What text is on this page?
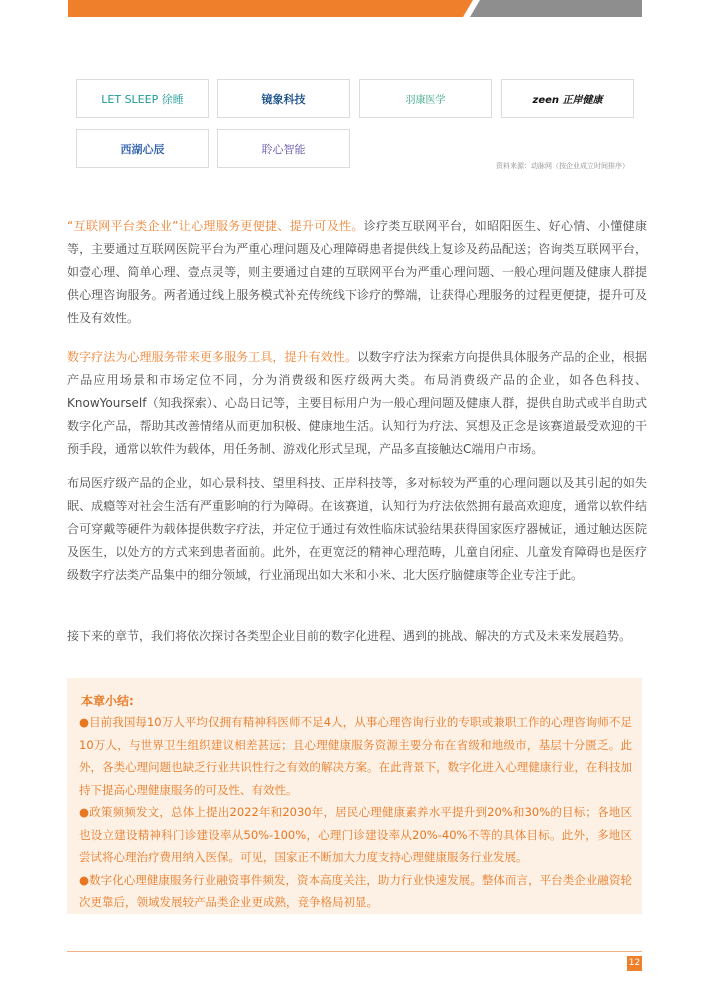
LET SLEEP 徐睡	镜象科技	羽康医学	zeen 正岸健康
西湖心辰	聆心智能
资料来源：动脉网（按企业成立时间排序）

“互联网平台类企业”让心理服务更便捷、提升可及性。诊疗类互联网平台，如昭阳医生、好心情、小懂健康等，主要通过互联网医院平台为严重心理问题及心理障碍患者提供线上复诊及药品配送；咨询类互联网平台，如壹心理、简单心理、壹点灵等，则主要通过自建的互联网平台为严重心理问题、一般心理问题及健康人群提供心理咨询服务。两者通过线上服务模式补充传统线下诊疗的弊端，让获得心理服务的过程更便捷，提升可及性及有效性。

数字疗法为心理服务带来更多服务工具，提升有效性。以数字疗法为探索方向提供具体服务产品的企业，根据产品应用场景和市场定位不同，分为消费级和医疗级两大类。布局消费级产品的企业，如各色科技、KnowYourself（知我探索）、心岛日记等，主要目标用户为一般心理问题及健康人群，提供自助式或半自助式数字化产品，帮助其改善情绪从而更加积极、健康地生活。认知行为疗法、冥想及正念是该赛道最受欢迎的干预手段，通常以软件为载体，用任务制、游戏化形式呈现，产品多直接触达C端用户市场。

布局医疗级产品的企业，如心景科技、望里科技、正岸科技等，多对标较为严重的心理问题以及其引起的如失眠、成瘾等对社会生活有严重影响的行为障碍。在该赛道，认知行为疗法依然拥有最高欢迎度，通常以软件结合可穿戴等硬件为载体提供数字疗法，并定位于通过有效性临床试验结果获得国家医疗器械证，通过触达医院及医生，以处方的方式来到患者面前。此外，在更宽泛的精神心理范畴，儿童自闭症、儿童发育障碍也是医疗级数字疗法类产品集中的细分领域，行业涌现出如大米和小米、北大医疗脑健康等企业专注于此。

接下来的章节，我们将依次探讨各类型企业目前的数字化进程、遇到的挑战、解决的方式及未来发展趋势。

本章小结:

●目前我国每10万人平均仅拥有精神科医师不足4人，从事心理咨询行业的专职或兼职工作的心理咨询师不足10万人，与世界卫生组织建议相差甚远；且心理健康服务资源主要分布在省级和地级市，基层十分匮乏。此外，各类心理问题也缺乏行业共识性行之有效的解决方案。在此背景下，数字化进入心理健康行业，在科技加持下提高心理健康服务的可及性、有效性。
●政策频频发文，总体上提出2022年和2030年，居民心理健康素养水平提升到20%和30%的目标；各地区也设立建设精神科门诊建设率从50%-100%，心理门诊建设率从20%-40%不等的具体目标。此外，多地区尝试将心理治疗费用纳入医保。可见，国家正不断加大力度支持心理健康服务行业发展。
●数字化心理健康服务行业融资事件频发，资本高度关注，助力行业快速发展。整体而言，平台类企业融资轮次更靠后，领域发展较产品类企业更成熟，竞争格局初显。

12
